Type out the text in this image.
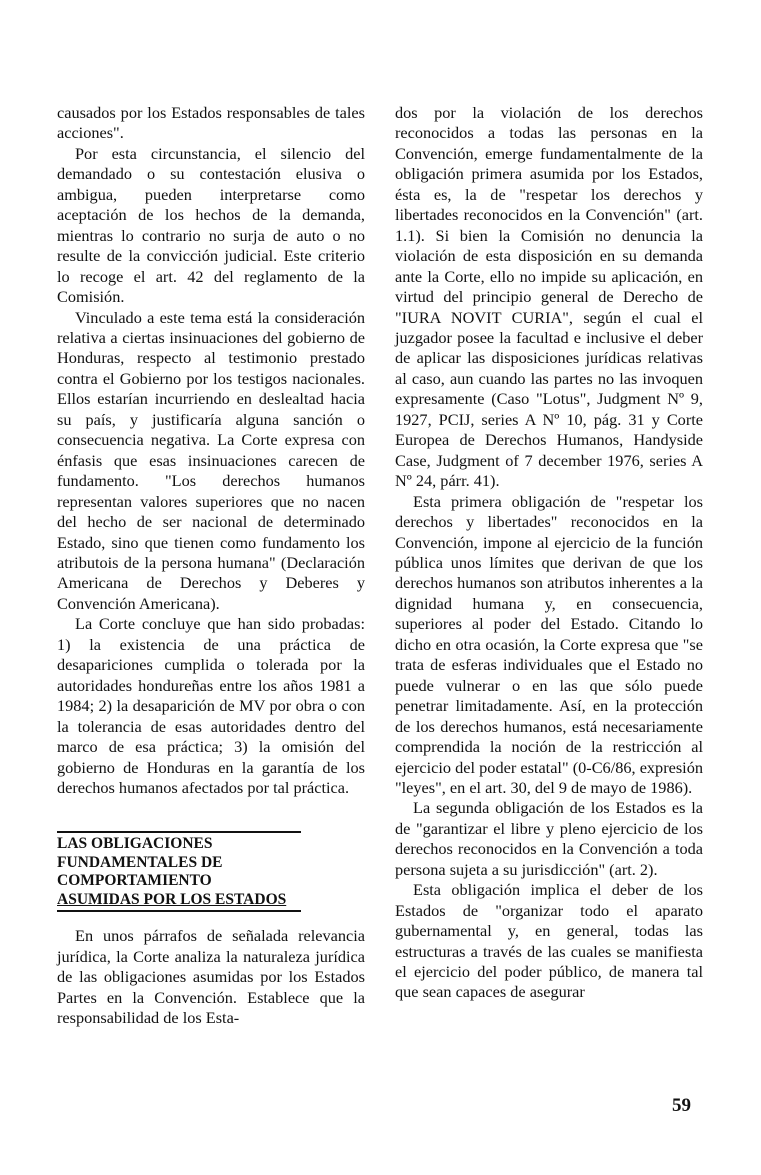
causados por los Estados responsables de tales acciones".

Por esta circunstancia, el silencio del demandado o su contestación elusiva o ambigua, pueden interpretarse como aceptación de los hechos de la demanda, mientras lo contrario no surja de auto o no resulte de la convicción judicial. Este criterio lo recoge el art. 42 del reglamento de la Comisión.

Vinculado a este tema está la consideración relativa a ciertas insinuaciones del gobierno de Honduras, respecto al testimonio prestado contra el Gobierno por los testigos nacionales. Ellos estarían incurriendo en deslealtad hacia su país, y justificaría alguna sanción o consecuencia negativa. La Corte expresa con énfasis que esas insinuaciones carecen de fundamento. "Los derechos humanos representan valores superiores que no nacen del hecho de ser nacional de determinado Estado, sino que tienen como fundamento los atributois de la persona humana" (Declaración Americana de Derechos y Deberes y Convención Americana).

La Corte concluye que han sido probadas: 1) la existencia de una práctica de desapariciones cumplida o tolerada por la autoridades hondureñas entre los años 1981 a 1984; 2) la desaparición de MV por obra o con la tolerancia de esas autoridades dentro del marco de esa práctica; 3) la omisión del gobierno de Honduras en la garantía de los derechos humanos afectados por tal práctica.

LAS OBLIGACIONES
FUNDAMENTALES DE
COMPORTAMIENTO
ASUMIDAS POR LOS ESTADOS

En unos párrafos de señalada relevancia jurídica, la Corte analiza la naturaleza jurídica de las obligaciones asumidas por los Estados Partes en la Convención. Establece que la responsabilidad de los Esta-

dos por la violación de los derechos reconocidos a todas las personas en la Convención, emerge fundamentalmente de la obligación primera asumida por los Estados, ésta es, la de "respetar los derechos y libertades reconocidos en la Convención" (art. 1.1). Si bien la Comisión no denuncia la violación de esta disposición en su demanda ante la Corte, ello no impide su aplicación, en virtud del principio general de Derecho de "IURA NOVIT CURIA", según el cual el juzgador posee la facultad e inclusive el deber de aplicar las disposiciones jurídicas relativas al caso, aun cuando las partes no las invoquen expresamente (Caso "Lotus", Judgment Nº 9, 1927, PCIJ, series A Nº 10, pág. 31 y Corte Europea de Derechos Humanos, Handyside Case, Judgment of 7 december 1976, series A Nº 24, párr. 41).

Esta primera obligación de "respetar los derechos y libertades" reconocidos en la Convención, impone al ejercicio de la función pública unos límites que derivan de que los derechos humanos son atributos inherentes a la dignidad humana y, en consecuencia, superiores al poder del Estado. Citando lo dicho en otra ocasión, la Corte expresa que "se trata de esferas individuales que el Estado no puede vulnerar o en las que sólo puede penetrar limitadamente. Así, en la protección de los derechos humanos, está necesariamente comprendida la noción de la restricción al ejercicio del poder estatal" (0-C6/86, expresión "leyes", en el art. 30, del 9 de mayo de 1986).

La segunda obligación de los Estados es la de "garantizar el libre y pleno ejercicio de los derechos reconocidos en la Convención a toda persona sujeta a su jurisdicción" (art. 2).

Esta obligación implica el deber de los Estados de "organizar todo el aparato gubernamental y, en general, todas las estructuras a través de las cuales se manifiesta el ejercicio del poder público, de manera tal que sean capaces de asegurar

59
